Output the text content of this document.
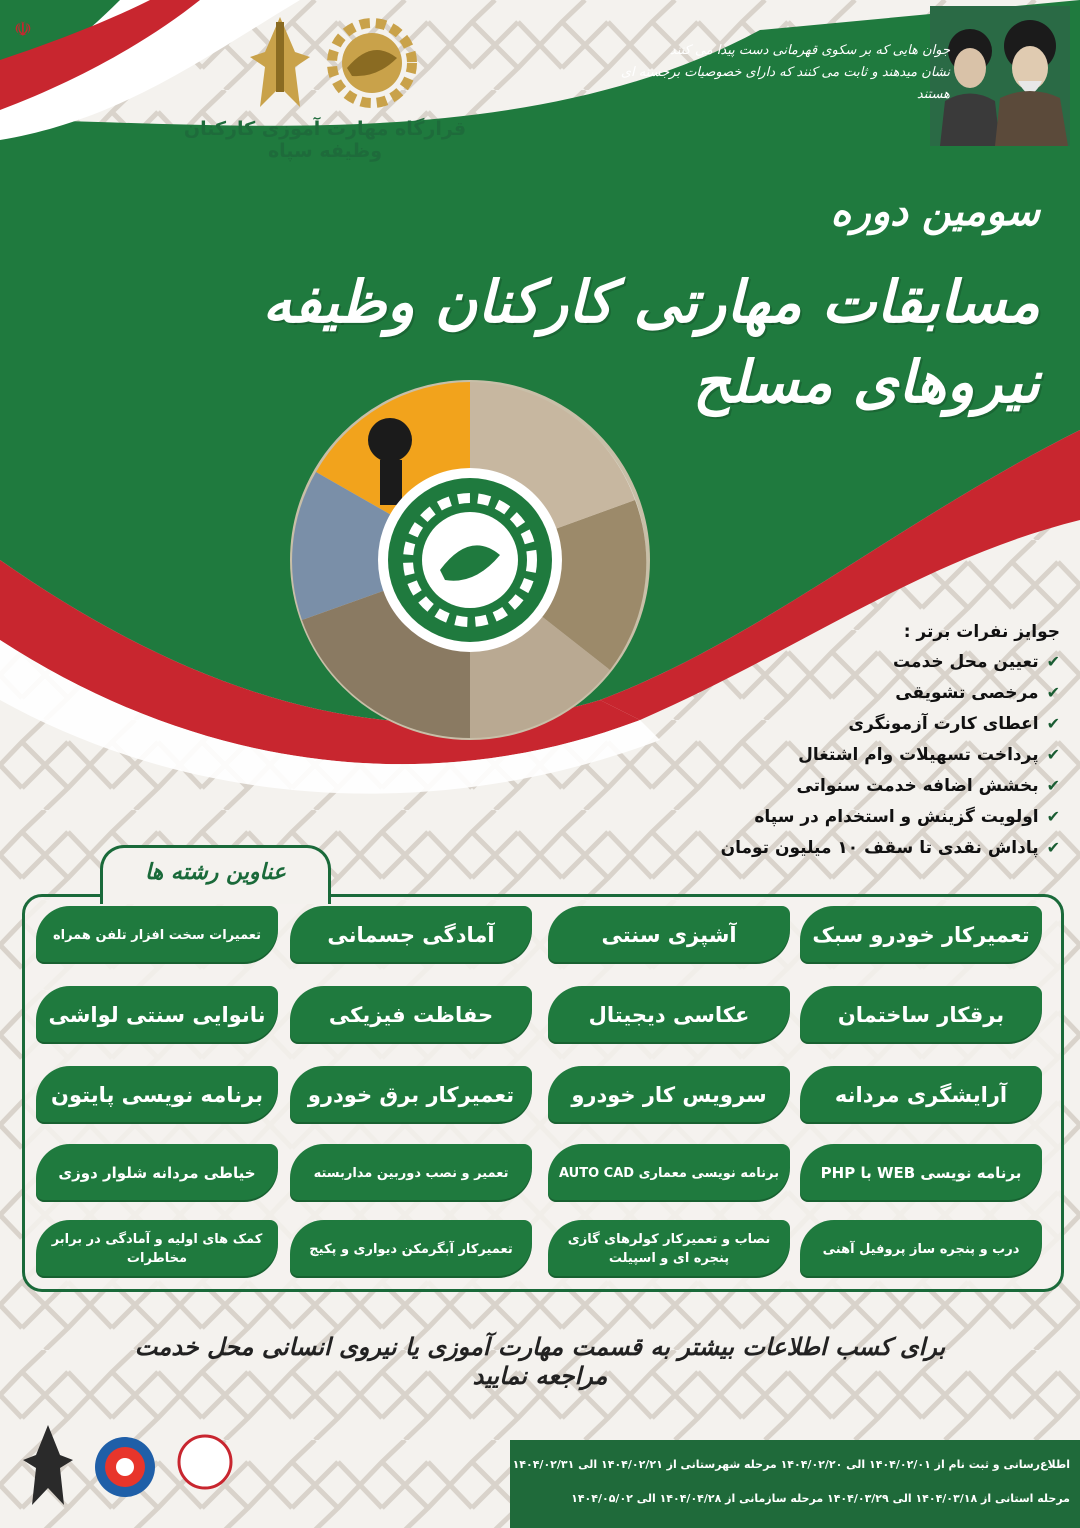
قرارگاه مهارت آموزی کارکنان وظیفه سپاه
☫
جوان هایی که بر سکوی قهرمانی دست پیدا می کنند
نشان میدهند و ثابت می کنند که دارای خصوصیات برجسته ای هستند
سومین دوره
مسابقات مهارتی کارکنان وظیفه نیروهای مسلح
جوایز نفرات برتر :
✔تعیین محل خدمت
✔مرخصی تشویقی
✔اعطای کارت آزمونگری
✔پرداخت تسهیلات وام اشتغال
✔بخشش اضافه خدمت سنواتی
✔اولویت گزینش و استخدام در سپاه
✔پاداش نقدی تا سقف ۱۰ میلیون تومان
عناوین رشته ها
تعمیرکار خودرو سبک
آشپزی سنتی
آمادگی جسمانی
تعمیرات سخت افزار تلفن همراه
برقکار ساختمان
عکاسی دیجیتال
حفاظت فیزیکی
نانوایی سنتی لواشی
آرایشگری مردانه
سرویس کار خودرو
تعمیرکار برق خودرو
برنامه نویسی پایتون
برنامه نویسی WEB با PHP
برنامه نویسی معماری AUTO CAD
تعمیر و نصب دوربین مداربسته
خیاطی مردانه شلوار دوزی
درب و پنجره ساز پروفیل آهنی
نصاب و تعمیرکار کولرهای گازی پنجره ای و اسپیلت
تعمیرکار آبگرمکن دیواری و پکیج
کمک های اولیه و آمادگی در برابر مخاطرات
برای کسب اطلاعات بیشتر به قسمت مهارت آموزی یا نیروی انسانی محل خدمت مراجعه نمایید
اطلاع‌رسانی و ثبت نام از ۱۴۰۴/۰۲/۰۱ الی ۱۴۰۴/۰۲/۲۰ مرحله شهرستانی از ۱۴۰۴/۰۲/۲۱ الی ۱۴۰۴/۰۲/۳۱
مرحله استانی از ۱۴۰۴/۰۳/۱۸ الی ۱۴۰۴/۰۳/۲۹ مرحله سازمانی از ۱۴۰۴/۰۴/۲۸ الی ۱۴۰۴/۰۵/۰۲
